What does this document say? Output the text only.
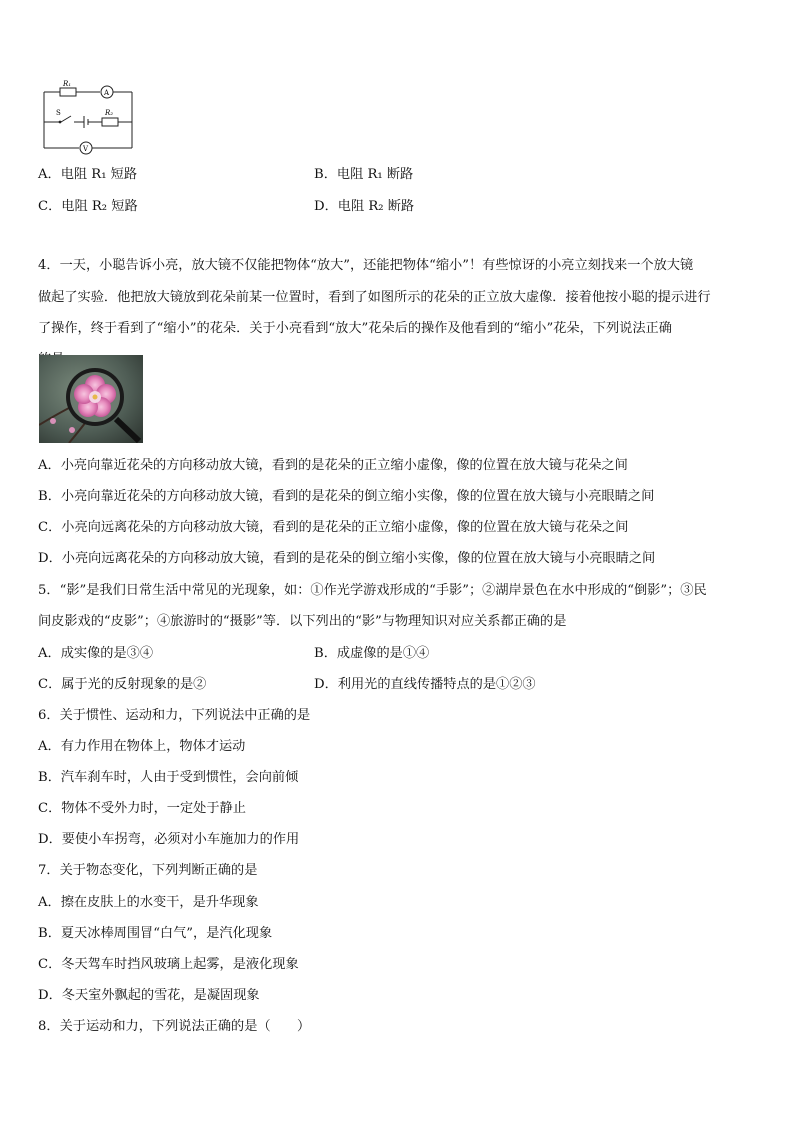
R₁
A
S	R₂
V
A．电阻 R₁ 短路	B．电阻 R₁ 断路
C．电阻 R₂ 短路	D．电阻 R₂ 断路
4．一天，小聪告诉小亮，放大镜不仅能把物体“放大”，还能把物体“缩小”！有些惊讶的小亮立刻找来一个放大镜
做起了实验．他把放大镜放到花朵前某一位置时，看到了如图所示的花朵的正立放大虚像．接着他按小聪的提示进行
了操作，终于看到了“缩小”的花朵．关于小亮看到“放大”花朵后的操作及他看到的“缩小”花朵，下列说法正确
A．小亮向靠近花朵的方向移动放大镜，看到的是花朵的正立缩小虚像，像的位置在放大镜与花朵之间
B．小亮向靠近花朵的方向移动放大镜，看到的是花朵的倒立缩小实像，像的位置在放大镜与小亮眼睛之间
C．小亮向远离花朵的方向移动放大镜，看到的是花朵的正立缩小虚像，像的位置在放大镜与花朵之间
D．小亮向远离花朵的方向移动放大镜，看到的是花朵的倒立缩小实像，像的位置在放大镜与小亮眼睛之间
5．“影”是我们日常生活中常见的光现象，如：①作光学游戏形成的“手影”；②湖岸景色在水中形成的“倒影”；③民
间皮影戏的“皮影”；④旅游时的“摄影”等．以下列出的“影”与物理知识对应关系都正确的是
A．成实像的是③④	B．成虚像的是①④
C．属于光的反射现象的是②	D．利用光的直线传播特点的是①②③
6．关于惯性、运动和力，下列说法中正确的是
A．有力作用在物体上，物体才运动
B．汽车刹车时，人由于受到惯性，会向前倾
C．物体不受外力时，一定处于静止
D．要使小车拐弯，必须对小车施加力的作用
7．关于物态变化，下列判断正确的是
A．擦在皮肤上的水变干，是升华现象
B．夏天冰棒周围冒“白气”，是汽化现象
C．冬天驾车时挡风玻璃上起雾，是液化现象
D．冬天室外飘起的雪花，是凝固现象
8．关于运动和力，下列说法正确的是（　　）
